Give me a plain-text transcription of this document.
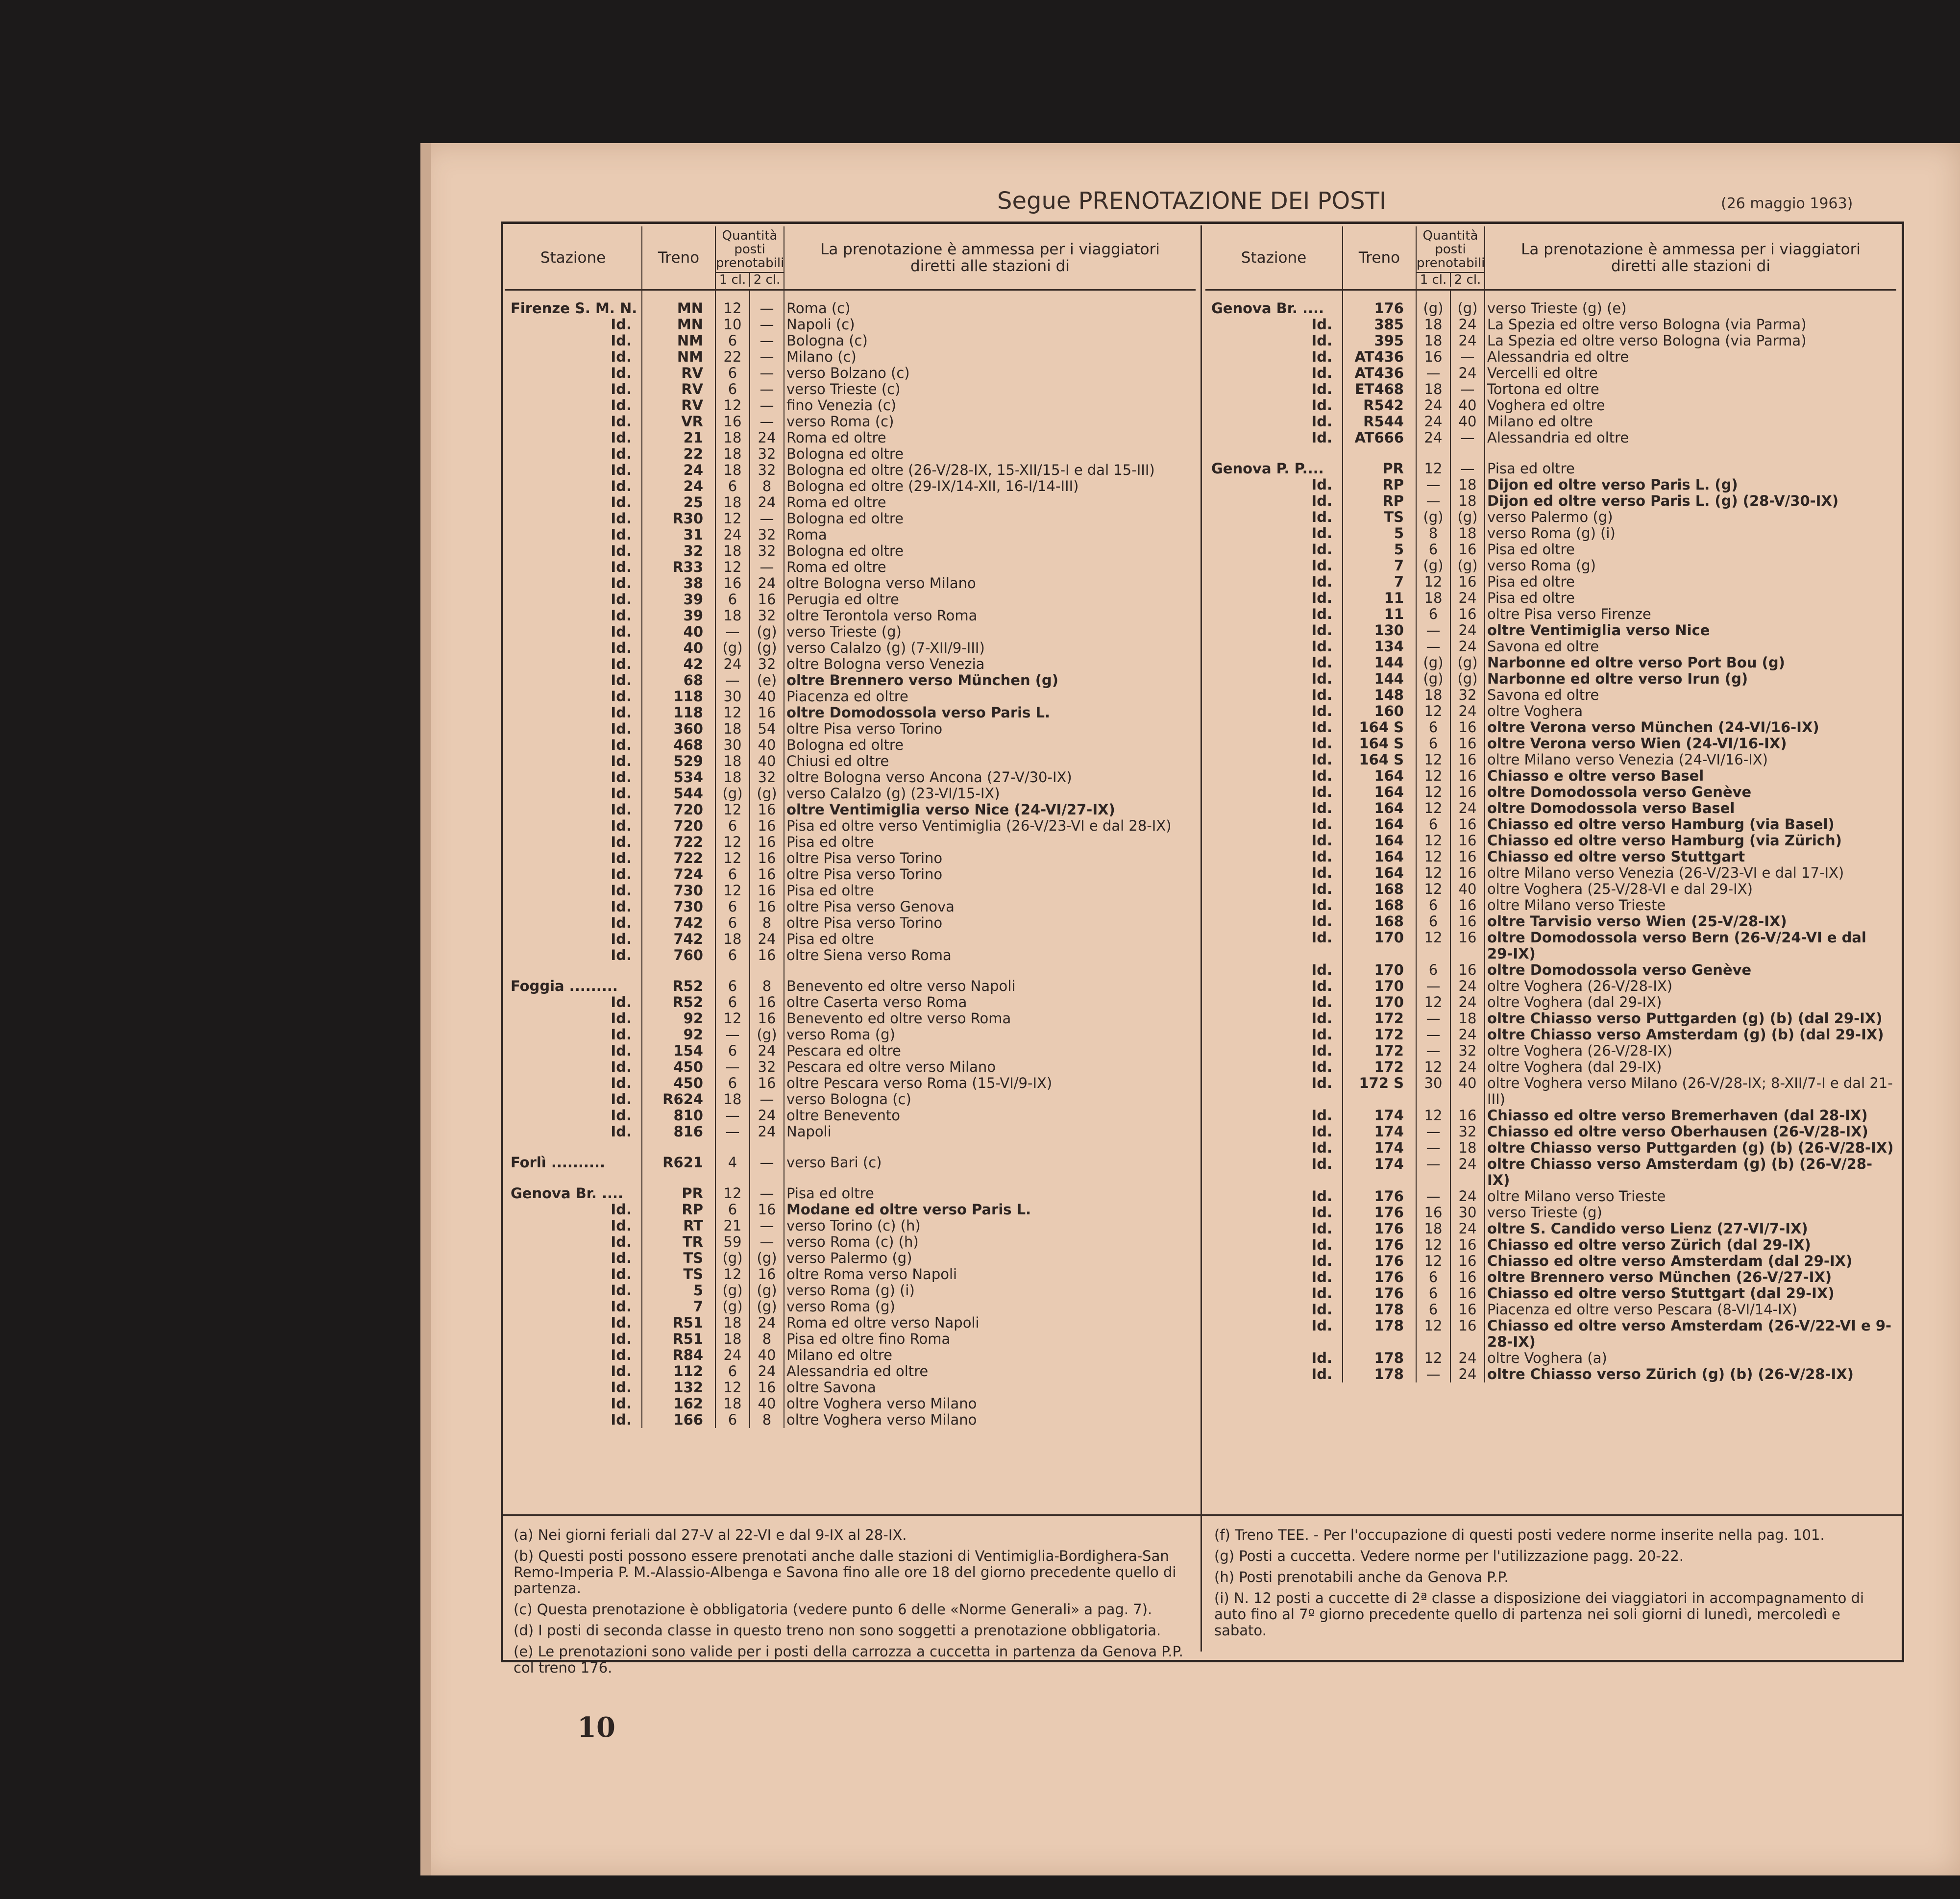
Segue PRENOTAZIONE DEI POSTI	(26 maggio 1963)
Stazione	Treno	Quantità posti prenotabili
1 cl. 2 cl.		La prenotazione è ammessa per i viaggiatori diretti alle stazioni di
Firenze S. M. N.	MN	12	—	Roma (c)
Id.	MN	10	—	Napoli (c)
Id.	NM	6	—	Bologna (c)
Id.	NM	22	—	Milano (c)
Id.	RV	6	—	verso Bolzano (c)
Id.	RV	6	—	verso Trieste (c)
Id.	RV	12	—	fino Venezia (c)
Id.	VR	16	—	verso Roma (c)
Id.	21	18	24	Roma ed oltre
Id.	22	18	32	Bologna ed oltre
Id.	24	18	32	Bologna ed oltre (26-V/28-IX, 15-XII/15-I e dal 15-III)
Id.	24	6	8	Bologna ed oltre (29-IX/14-XII, 16-I/14-III)
Id.	25	18	24	Roma ed oltre
Id.	R30	12	—	Bologna ed oltre
Id.	31	24	32	Roma
Id.	32	18	32	Bologna ed oltre
Id.	R33	12	—	Roma ed oltre
Id.	38	16	24	oltre Bologna verso Milano
Id.	39	6	16	Perugia ed oltre
Id.	39	18	32	oltre Terontola verso Roma
Id.	40	—	(g)	verso Trieste (g)
Id.	40	(g)	(g)	verso Calalzo (g) (7-XII/9-III)
Id.	42	24	32	oltre Bologna verso Venezia
Id.	68	—	(e)	oltre Brennero verso München (g)
Id.	118	30	40	Piacenza ed oltre
Id.	118	12	16	oltre Domodossola verso Paris L.
Id.	360	18	54	oltre Pisa verso Torino
Id.	468	30	40	Bologna ed oltre
Id.	529	18	40	Chiusi ed oltre
Id.	534	18	32	oltre Bologna verso Ancona (27-V/30-IX)
Id.	544	(g)	(g)	verso Calalzo (g) (23-VI/15-IX)
Id.	720	12	16	oltre Ventimiglia verso Nice (24-VI/27-IX)
Id.	720	6	16	Pisa ed oltre verso Ventimiglia (26-V/23-VI e dal 28-IX)
Id.	722	12	16	Pisa ed oltre
Id.	722	12	16	oltre Pisa verso Torino
Id.	724	6	16	oltre Pisa verso Torino
Id.	730	12	16	Pisa ed oltre
Id.	730	6	16	oltre Pisa verso Genova
Id.	742	6	8	oltre Pisa verso Torino
Id.	742	18	24	Pisa ed oltre
Id.	760	6	16	oltre Siena verso Roma
Foggia .........	R52	6	8	Benevento ed oltre verso Napoli
Id.	R52	6	16	oltre Caserta verso Roma
Id.	92	12	16	Benevento ed oltre verso Roma
Id.	92	—	(g)	verso Roma (g)
Id.	154	6	24	Pescara ed oltre
Id.	450	—	32	Pescara ed oltre verso Milano
Id.	450	6	16	oltre Pescara verso Roma (15-VI/9-IX)
Id.	R624	18	—	verso Bologna (c)
Id.	810	—	24	oltre Benevento
Id.	816	—	24	Napoli
Forlì ..........	R621	4	—	verso Bari (c)
Genova Br. ....	PR	12	—	Pisa ed oltre
Id.	RP	6	16	Modane ed oltre verso Paris L.
Id.	RT	21	—	verso Torino (c) (h)
Id.	TR	59	—	verso Roma (c) (h)
Id.	TS	(g)	(g)	verso Palermo (g)
Id.	TS	12	16	oltre Roma verso Napoli
Id.	5	(g)	(g)	verso Roma (g) (i)
Id.	7	(g)	(g)	verso Roma (g)
Id.	R51	18	24	Roma ed oltre verso Napoli
Id.	R51	18	8	Pisa ed oltre fino Roma
Id.	R84	24	40	Milano ed oltre
Id.	112	6	24	Alessandria ed oltre
Id.	132	12	16	oltre Savona
Id.	162	18	40	oltre Voghera verso Milano
Id.	166	6	8	oltre Voghera verso Milano
Stazione	Treno	Quantità posti prenotabili
1 cl. 2 cl.		La prenotazione è ammessa per i viaggiatori diretti alle stazioni di
Genova Br. ....	176	(g)	(g)	verso Trieste (g) (e)
Id.	385	18	24	La Spezia ed oltre verso Bologna (via Parma)
Id.	395	18	24	La Spezia ed oltre verso Bologna (via Parma)
Id.	AT436	16	—	Alessandria ed oltre
Id.	AT436	—	24	Vercelli ed oltre
Id.	ET468	18	—	Tortona ed oltre
Id.	R542	24	40	Voghera ed oltre
Id.	R544	24	40	Milano ed oltre
Id.	AT666	24	—	Alessandria ed oltre
Genova P. P....	PR	12	—	Pisa ed oltre
Id.	RP	—	18	Dijon ed oltre verso Paris L. (g)
Id.	RP	—	18	Dijon ed oltre verso Paris L. (g) (28-V/30-IX)
Id.	TS	(g)	(g)	verso Palermo (g)
Id.	5	8	18	verso Roma (g) (i)
Id.	5	6	16	Pisa ed oltre
Id.	7	(g)	(g)	verso Roma (g)
Id.	7	12	16	Pisa ed oltre
Id.	11	18	24	Pisa ed oltre
Id.	11	6	16	oltre Pisa verso Firenze
Id.	130	—	24	oltre Ventimiglia verso Nice
Id.	134	—	24	Savona ed oltre
Id.	144	(g)	(g)	Narbonne ed oltre verso Port Bou (g)
Id.	144	(g)	(g)	Narbonne ed oltre verso Irun (g)
Id.	148	18	32	Savona ed oltre
Id.	160	12	24	oltre Voghera
Id.	164 S	6	16	oltre Verona verso München (24-VI/16-IX)
Id.	164 S	6	16	oltre Verona verso Wien (24-VI/16-IX)
Id.	164 S	12	16	oltre Milano verso Venezia (24-VI/16-IX)
Id.	164	12	16	Chiasso e oltre verso Basel
Id.	164	12	16	oltre Domodossola verso Genève
Id.	164	12	24	oltre Domodossola verso Basel
Id.	164	6	16	Chiasso ed oltre verso Hamburg (via Basel)
Id.	164	12	16	Chiasso ed oltre verso Hamburg (via Zürich)
Id.	164	12	16	Chiasso ed oltre verso Stuttgart
Id.	164	12	16	oltre Milano verso Venezia (26-V/23-VI e dal 17-IX)
Id.	168	12	40	oltre Voghera (25-V/28-VI e dal 29-IX)
Id.	168	6	16	oltre Milano verso Trieste
Id.	168	6	16	oltre Tarvisio verso Wien (25-V/28-IX)
Id.	170	12	16	oltre Domodossola verso Bern (26-V/24-VI e dal 29-IX)
Id.	170	6	16	oltre Domodossola verso Genève
Id.	170	—	24	oltre Voghera (26-V/28-IX)
Id.	170	12	24	oltre Voghera (dal 29-IX)
Id.	172	—	18	oltre Chiasso verso Puttgarden (g) (b) (dal 29-IX)
Id.	172	—	24	oltre Chiasso verso Amsterdam (g) (b) (dal 29-IX)
Id.	172	—	32	oltre Voghera (26-V/28-IX)
Id.	172	12	24	oltre Voghera (dal 29-IX)
Id.	172 S	30	40	oltre Voghera verso Milano (26-V/28-IX; 8-XII/7-I e dal 21-III)
Id.	174	12	16	Chiasso ed oltre verso Bremerhaven (dal 28-IX)
Id.	174	—	32	Chiasso ed oltre verso Oberhausen (26-V/28-IX)
Id.	174	—	18	oltre Chiasso verso Puttgarden (g) (b) (26-V/28-IX)
Id.	174	—	24	oltre Chiasso verso Amsterdam (g) (b) (26-V/28-IX)
Id.	176	—	24	oltre Milano verso Trieste
Id.	176	16	30	verso Trieste (g)
Id.	176	18	24	oltre S. Candido verso Lienz (27-VI/7-IX)
Id.	176	12	16	Chiasso ed oltre verso Zürich (dal 29-IX)
Id.	176	12	16	Chiasso ed oltre verso Amsterdam (dal 29-IX)
Id.	176	6	16	oltre Brennero verso München (26-V/27-IX)
Id.	176	6	16	Chiasso ed oltre verso Stuttgart (dal 29-IX)
Id.	178	6	16	Piacenza ed oltre verso Pescara (8-VI/14-IX)
Id.	178	12	16	Chiasso ed oltre verso Amsterdam (26-V/22-VI e 9-28-IX)
Id.	178	12	24	oltre Voghera (a)
Id.	178	—	24	oltre Chiasso verso Zürich (g) (b) (26-V/28-IX)
(a) Nei giorni feriali dal 27-V al 22-VI e dal 9-IX al 28-IX.
(b) Questi posti possono essere prenotati anche dalle stazioni di Ventimiglia-Bordighera-San Remo-Imperia P. M.-Alassio-Albenga e Savona fino alle ore 18 del giorno precedente quello di partenza.
(c) Questa prenotazione è obbligatoria (vedere punto 6 delle «Norme Generali» a pag. 7).
(d) I posti di seconda classe in questo treno non sono soggetti a prenotazione obbligatoria.
(e) Le prenotazioni sono valide per i posti della carrozza a cuccetta in partenza da Genova P.P. col treno 176.
(f) Treno TEE. - Per l'occupazione di questi posti vedere norme inserite nella pag. 101.
(g) Posti a cuccetta. Vedere norme per l'utilizzazione pagg. 20-22.
(h) Posti prenotabili anche da Genova P.P.
(i) N. 12 posti a cuccette di 2ª classe a disposizione dei viaggiatori in accompagnamento di auto fino al 7º giorno precedente quello di partenza nei soli giorni di lunedì, mercoledì e sabato.
10
